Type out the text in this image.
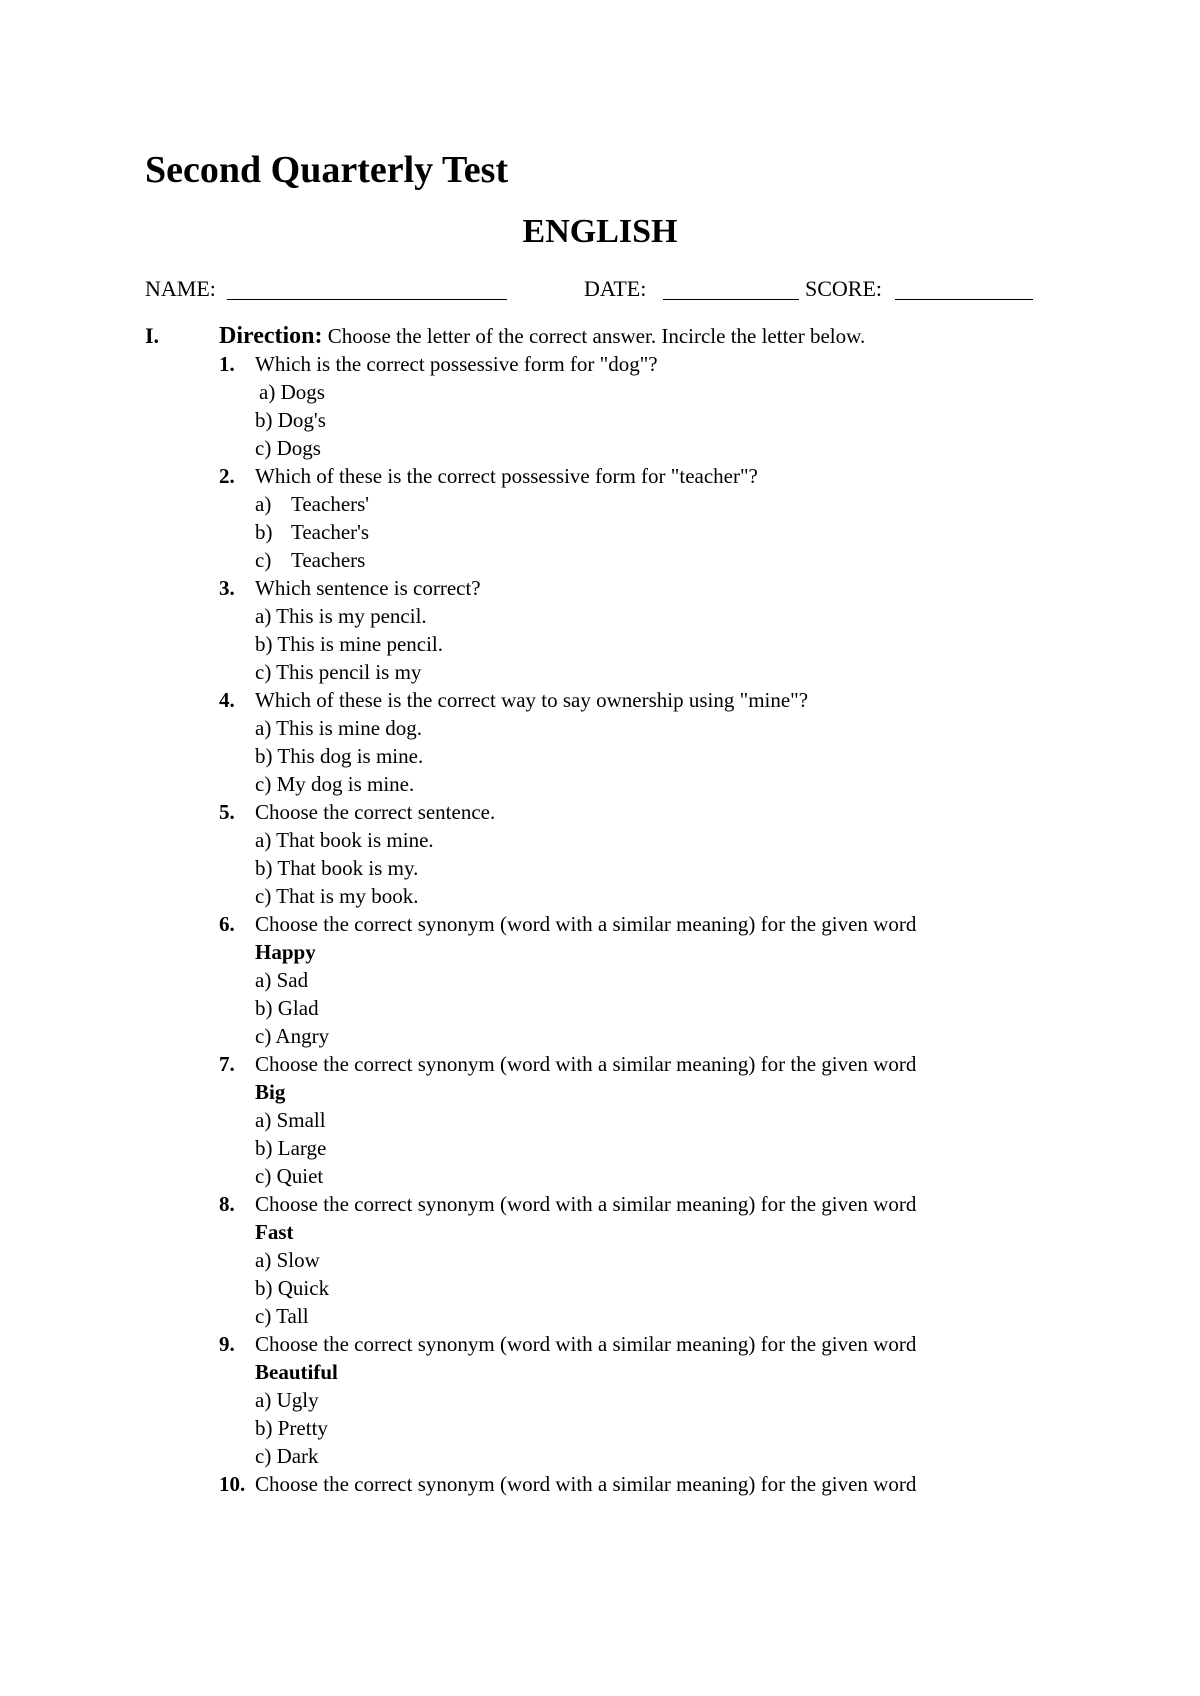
Second Quarterly Test
ENGLISH
NAME:	DATE:	SCORE:
I. Direction: Choose the letter of the correct answer. Incircle the letter below.
1. Which is the correct possessive form for "dog"?
a) Dogs
b) Dog's
c) Dogs
2. Which of these is the correct possessive form for "teacher"?
a) Teachers'
b) Teacher's
c) Teachers
3. Which sentence is correct?
a) This is my pencil.
b) This is mine pencil.
c) This pencil is my
4. Which of these is the correct way to say ownership using "mine"?
a) This is mine dog.
b) This dog is mine.
c) My dog is mine.
5. Choose the correct sentence.
a) That book is mine.
b) That book is my.
c) That is my book.
6. Choose the correct synonym (word with a similar meaning) for the given word
Happy
a) Sad
b) Glad
c) Angry
7. Choose the correct synonym (word with a similar meaning) for the given word
Big
a) Small
b) Large
c) Quiet
8. Choose the correct synonym (word with a similar meaning) for the given word
Fast
a) Slow
b) Quick
c) Tall
9. Choose the correct synonym (word with a similar meaning) for the given word
Beautiful
a) Ugly
b) Pretty
c) Dark
10. Choose the correct synonym (word with a similar meaning) for the given word
